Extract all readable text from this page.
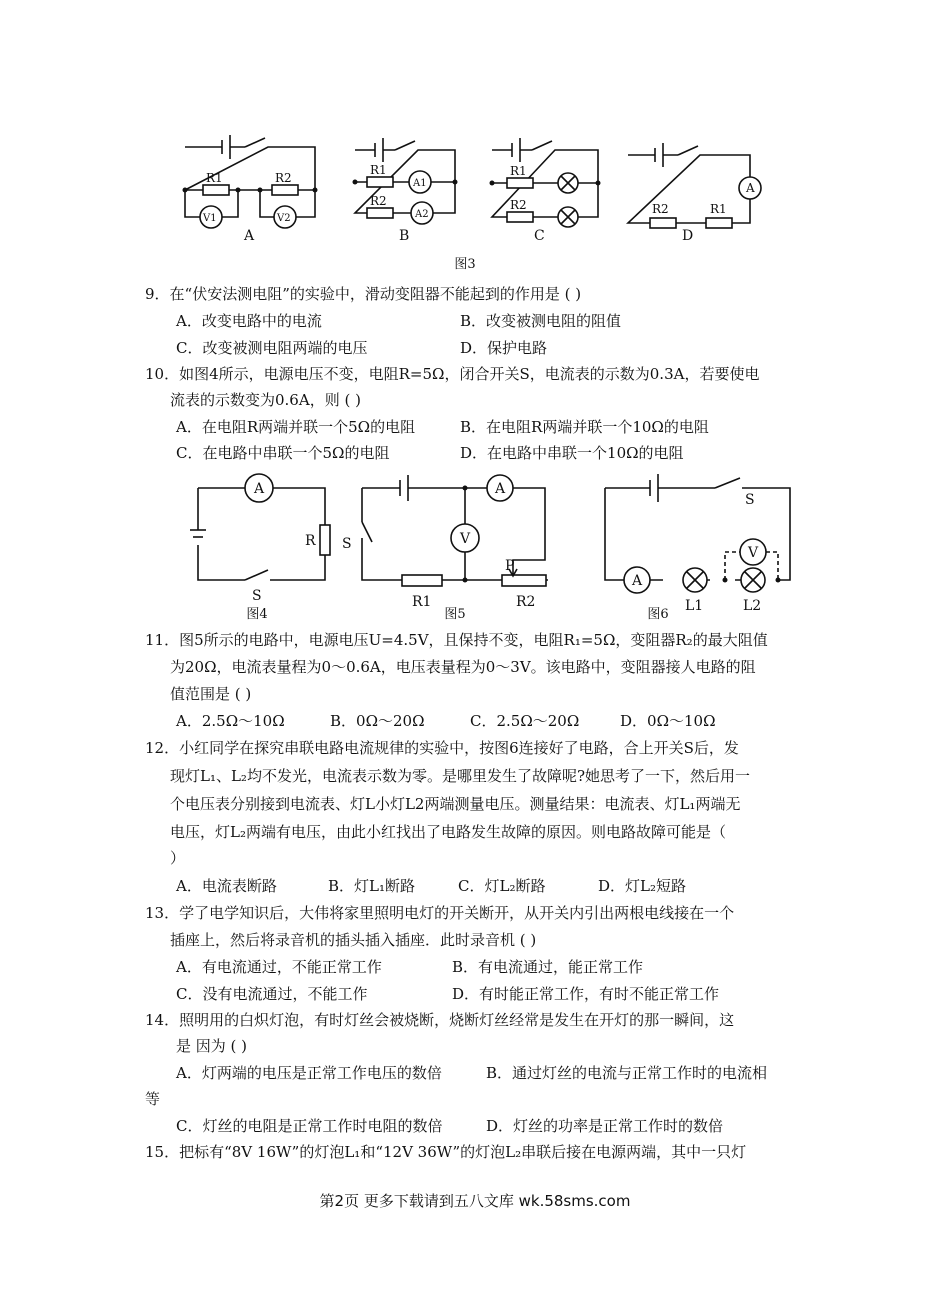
R1	R2
V1	V2
R1
R2
A1
A2
R1
R2
A
R2	R1
A	B	C	D
图3
9．在“伏安法测电阻”的实验中，滑动变阻器不能起到的作用是 ( )
A．改变电路中的电流	B．改变被测电阻的阻值
C．改变被测电阻两端的电压	D．保护电路
10．如图4所示，电源电压不变，电阻R=5Ω，闭合开关S，电流表的示数为0.3A，若要使电
流表的示数变为0.6A，则 ( )
A．在电阻R两端并联一个5Ω的电阻	B．在电阻R两端并联一个10Ω的电阻
C．在电路中串联一个5Ω的电阻	D．在电路中串联一个10Ω的电阻
A
R
S
S
A
V
P
R1	R2
S
A
V
L1	L2
图4	图5	图6
11．图5所示的电路中，电源电压U=4.5V，且保持不变，电阻R₁=5Ω，变阻器R₂的最大阻值
为20Ω，电流表量程为0～0.6A，电压表量程为0～3V。该电路中，变阻器接人电路的阻
值范围是 ( )
A．2.5Ω～10Ω	B．0Ω～20Ω	C．2.5Ω～20Ω	D．0Ω～10Ω
12．小红同学在探究串联电路电流规律的实验中，按图6连接好了电路，合上开关S后，发
现灯L₁、L₂均不发光，电流表示数为零。是哪里发生了故障呢?她思考了一下，然后用一
个电压表分别接到电流表、灯L小灯L2两端测量电压。测量结果：电流表、灯L₁两端无
电压，灯L₂两端有电压，由此小红找出了电路发生故障的原因。则电路故障可能是（
）
A．电流表断路	B．灯L₁断路	C．灯L₂断路	D．灯L₂短路
13．学了电学知识后，大伟将家里照明电灯的开关断开，从开关内引出两根电线接在一个
插座上，然后将录音机的插头插入插座．此时录音机 ( )
A．有电流通过，不能正常工作	B．有电流通过，能正常工作
C．没有电流通过，不能工作	D．有时能正常工作，有时不能正常工作
14．照明用的白炽灯泡，有时灯丝会被烧断，烧断灯丝经常是发生在开灯的那一瞬间，这
是 因为 ( )
A．灯两端的电压是正常工作电压的数倍	B．通过灯丝的电流与正常工作时的电流相
等
C．灯丝的电阻是正常工作时电阻的数倍	D．灯丝的功率是正常工作时的数倍
15．把标有“8V 16W”的灯泡L₁和“12V 36W”的灯泡L₂串联后接在电源两端，其中一只灯
第2页 更多下载请到五八文库 wk.58sms.com
